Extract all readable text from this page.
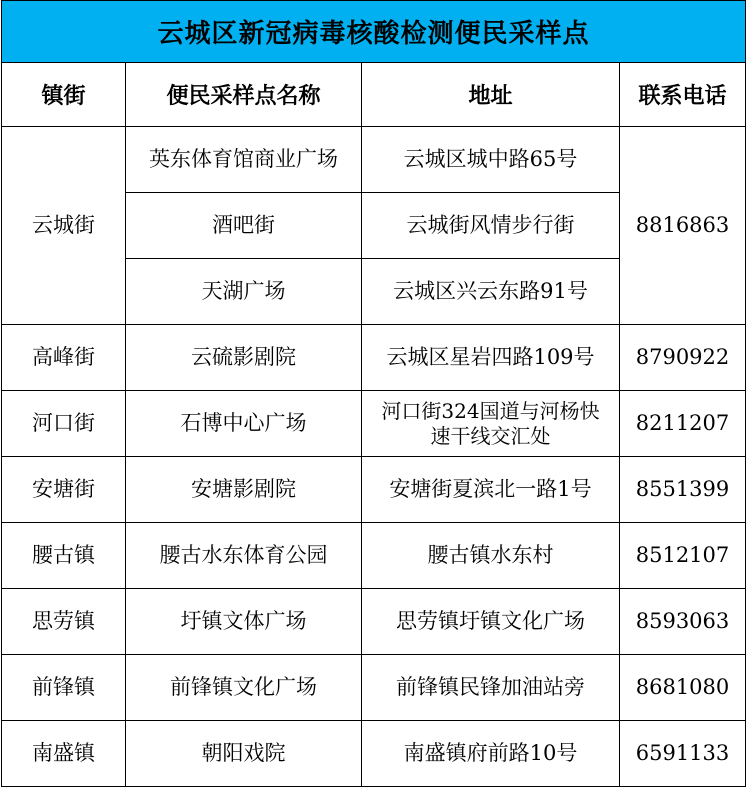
云城区新冠病毒核酸检测便民采样点			
镇街	便民采样点名称	地址	联系电话
云城街	英东体育馆商业广场	云城区城中路65号	8816863
	酒吧街	云城街风情步行街	
	天湖广场	云城区兴云东路91号	
高峰街	云硫影剧院	云城区星岩四路109号	8790922
河口街	石博中心广场	河口街324国道与河杨快速干线交汇处	8211207
安塘街	安塘影剧院	安塘街夏滨北一路1号	8551399
腰古镇	腰古水东体育公园	腰古镇水东村	8512107
思劳镇	圩镇文体广场	思劳镇圩镇文化广场	8593063
前锋镇	前锋镇文化广场	前锋镇民锋加油站旁	8681080
南盛镇	朝阳戏院	南盛镇府前路10号	6591133
